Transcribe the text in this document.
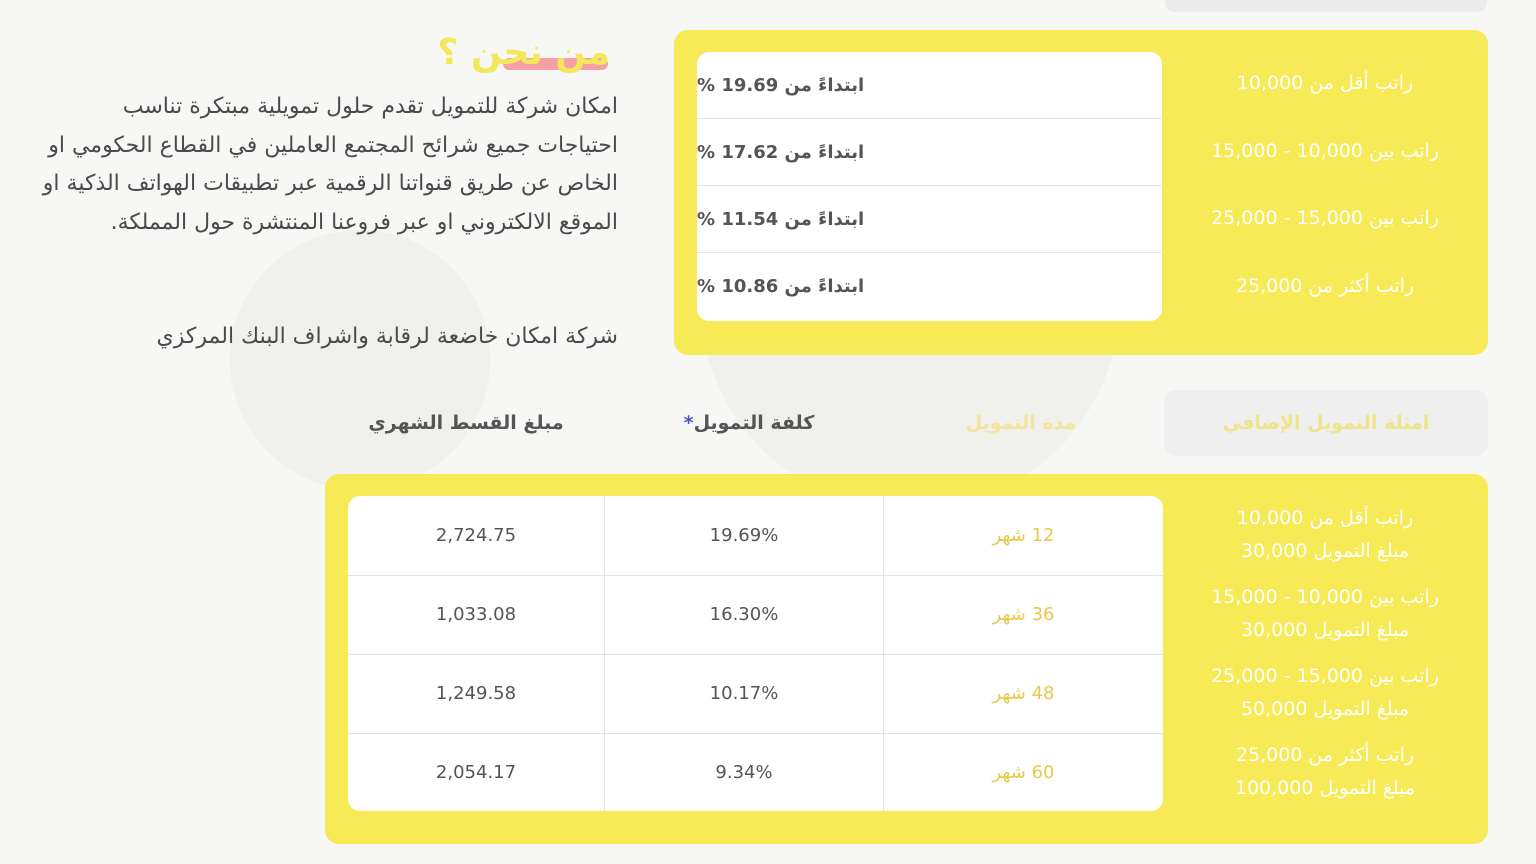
من نحن ؟
امكان شركة للتمويل تقدم حلول تمويلية مبتكرة تناسب احتياجات جميع شرائح المجتمع العاملين في القطاع الحكومي او الخاص عن طريق قنواتنا الرقمية عبر تطبيقات الهواتف الذكية او الموقع الالكتروني او عبر فروعنا المنتشرة حول المملكة.
شركة امكان خاضعة لرقابة واشراف البنك المركزي
ابتداءً من 19.69 %
ابتداءً من 17.62 %
ابتداءً من 11.54 %
ابتداءً من 10.86 %
راتب أقل من 10,000
راتب بين 10,000 - 15,000
راتب بين 15,000 - 25,000
راتب أكثر من 25,000
امثلة التمويل الإضافي
مدة التمويل
كلفة التمويل
*
مبلغ القسط الشهري
12 شهر
19.69%
2,724.75
36 شهر
16.30%
1,033.08
48 شهر
10.17%
1,249.58
60 شهر
9.34%
2,054.17
راتب أقل من 10,000
مبلغ التمويل 30,000
راتب بين 10,000 - 15,000
مبلغ التمويل 30,000
راتب بين 15,000 - 25,000
مبلغ التمويل 50,000
راتب أكثر من 25,000
مبلغ التمويل 100,000
